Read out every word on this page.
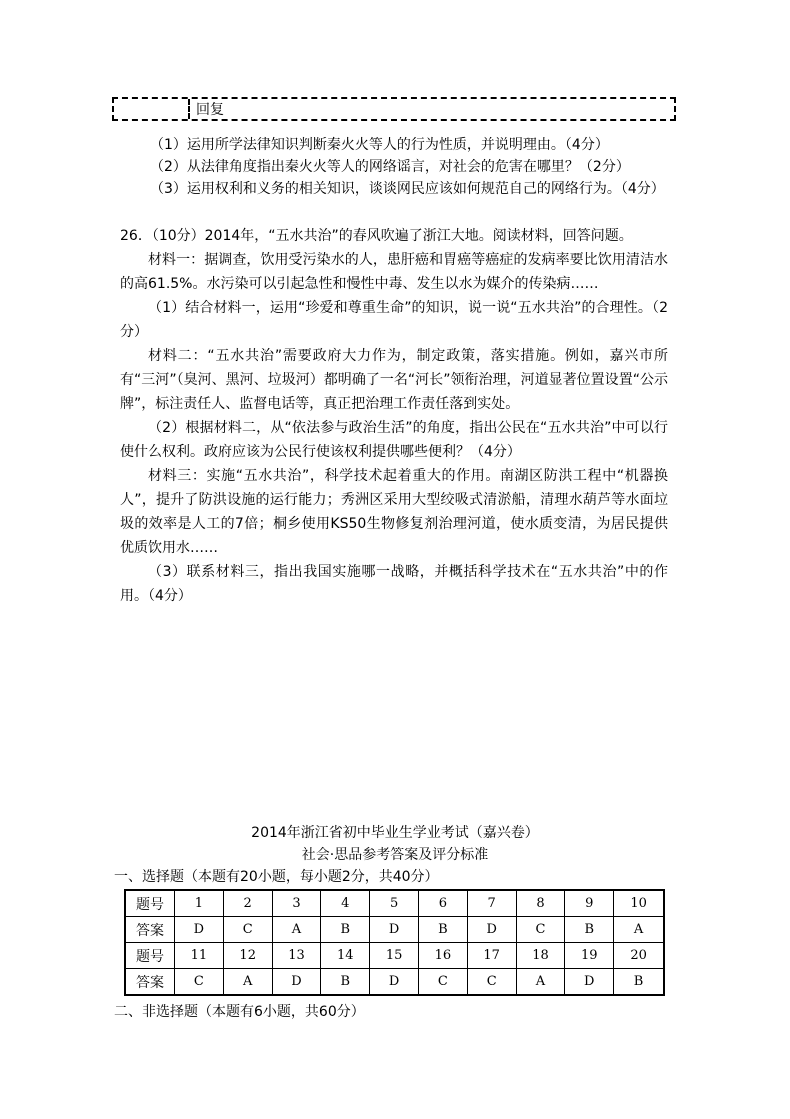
回复
（1）运用所学法律知识判断秦火火等人的行为性质，并说明理由。（4分）
（2）从法律角度指出秦火火等人的网络谣言，对社会的危害在哪里？（2分）
（3）运用权利和义务的相关知识，谈谈网民应该如何规范自己的网络行为。（4分）

26．（10分）2014年，“五水共治”的春风吹遍了浙江大地。阅读材料，回答问题。

材料一：据调查，饮用受污染水的人，患肝癌和胃癌等癌症的发病率要比饮用清洁水的高61.5%。水污染可以引起急性和慢性中毒、发生以水为媒介的传染病……

（1）结合材料一，运用“珍爱和尊重生命”的知识，说一说“五水共治”的合理性。（2分）

材料二：“五水共治”需要政府大力作为，制定政策，落实措施。例如，嘉兴市所有“三河”（臭河、黑河、垃圾河）都明确了一名“河长”领衔治理，河道显著位置设置“公示牌”，标注责任人、监督电话等，真正把治理工作责任落到实处。

（2）根据材料二，从“依法参与政治生活”的角度，指出公民在“五水共治”中可以行使什么权利。政府应该为公民行使该权利提供哪些便利？（4分）

材料三：实施“五水共治”，科学技术起着重大的作用。南湖区防洪工程中“机器换人”，提升了防洪设施的运行能力；秀洲区采用大型绞吸式清淤船，清理水葫芦等水面垃圾的效率是人工的7倍；桐乡使用KS50生物修复剂治理河道，使水质变清，为居民提供优质饮用水……

（3）联系材料三，指出我国实施哪一战略，并概括科学技术在“五水共治”中的作用。（4分）

2014年浙江省初中毕业生学业考试（嘉兴卷）
社会·思品参考答案及评分标准
一、选择题（本题有20小题，每小题2分，共40分）
题号	1	2	3	4	5	6	7	8	9	10
答案	D	C	A	B	D	B	D	C	B	A
题号	11	12	13	14	15	16	17	18	19	20
答案	C	A	D	B	D	C	C	A	D	B
二、非选择题（本题有6小题，共60分）
